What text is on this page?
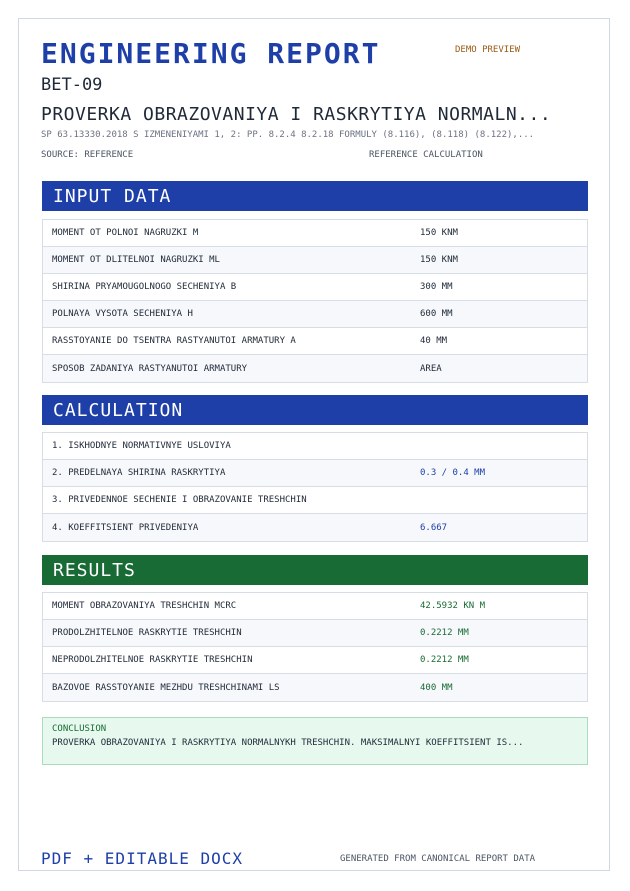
ENGINEERING REPORT	DEMO PREVIEW
BET-09
PROVERKA OBRAZOVANIYA I RASKRYTIYA NORMALN...
SP 63.13330.2018 S IZMENENIYAMI 1, 2: PP. 8.2.4 8.2.18 FORMULY (8.116), (8.118) (8.122),...
SOURCE: REFERENCE	REFERENCE CALCULATION
INPUT DATA
MOMENT OT POLNOI NAGRUZKI M	150 KNM
MOMENT OT DLITELNOI NAGRUZKI ML	150 KNM
SHIRINA PRYAMOUGOLNOGO SECHENIYA B	300 MM
POLNAYA VYSOTA SECHENIYA H	600 MM
RASSTOYANIE DO TSENTRA RASTYANUTOI ARMATURY A	40 MM
SPOSOB ZADANIYA RASTYANUTOI ARMATURY	AREA
CALCULATION
1. ISKHODNYE NORMATIVNYE USLOVIYA
2. PREDELNAYA SHIRINA RASKRYTIYA	0.3 / 0.4 MM
3. PRIVEDENNOE SECHENIE I OBRAZOVANIE TRESHCHIN
4. KOEFFITSIENT PRIVEDENIYA	6.667
RESULTS
MOMENT OBRAZOVANIYA TRESHCHIN MCRC	42.5932 KN M
PRODOLZHITELNOE RASKRYTIE TRESHCHIN	0.2212 MM
NEPRODOLZHITELNOE RASKRYTIE TRESHCHIN	0.2212 MM
BAZOVOE RASSTOYANIE MEZHDU TRESHCHINAMI LS	400 MM
CONCLUSION
PROVERKA OBRAZOVANIYA I RASKRYTIYA NORMALNYKH TRESHCHIN. MAKSIMALNYI KOEFFITSIENT IS...
PDF + EDITABLE DOCX	GENERATED FROM CANONICAL REPORT DATA
